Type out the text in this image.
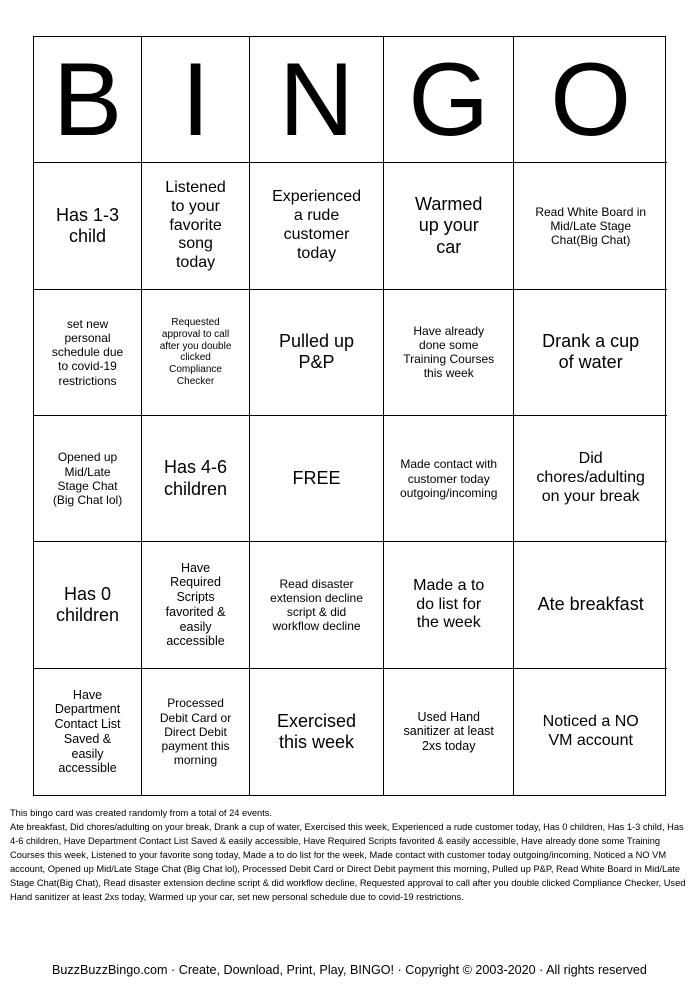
B I N G O
Has 1-3 child
Listened to your favorite song today
Experienced a rude customer today
Warmed up your car
Read White Board in Mid/Late Stage Chat(Big Chat)
set new personal schedule due to covid-19 restrictions
Requested approval to call after you double clicked Compliance Checker
Pulled up P&P
Have already done some Training Courses this week
Drank a cup of water
Opened up Mid/Late Stage Chat (Big Chat lol)
Has 4-6 children
FREE
Made contact with customer today outgoing/incoming
Did chores/adulting on your break
Has 0 children
Have Required Scripts favorited & easily accessible
Read disaster extension decline script & did workflow decline
Made a to do list for the week
Ate breakfast
Have Department Contact List Saved & easily accessible
Processed Debit Card or Direct Debit payment this morning
Exercised this week
Used Hand sanitizer at least 2xs today
Noticed a NO VM account
This bingo card was created randomly from a total of 24 events.
Ate breakfast, Did chores/adulting on your break, Drank a cup of water, Exercised this week, Experienced a rude customer today, Has 0 children, Has 1-3 child, Has 4-6 children, Have Department Contact List Saved & easily accessible, Have Required Scripts favorited & easily accessible, Have already done some Training Courses this week, Listened to your favorite song today, Made a to do list for the week, Made contact with customer today outgoing/incoming, Noticed a NO VM account, Opened up Mid/Late Stage Chat (Big Chat lol), Processed Debit Card or Direct Debit payment this morning, Pulled up P&P, Read White Board in Mid/Late Stage Chat(Big Chat), Read disaster extension decline script & did workflow decline, Requested approval to call after you double clicked Compliance Checker, Used Hand sanitizer at least 2xs today, Warmed up your car, set new personal schedule due to covid-19 restrictions.
BuzzBuzzBingo.com · Create, Download, Print, Play, BINGO! · Copyright © 2003-2020 · All rights reserved
